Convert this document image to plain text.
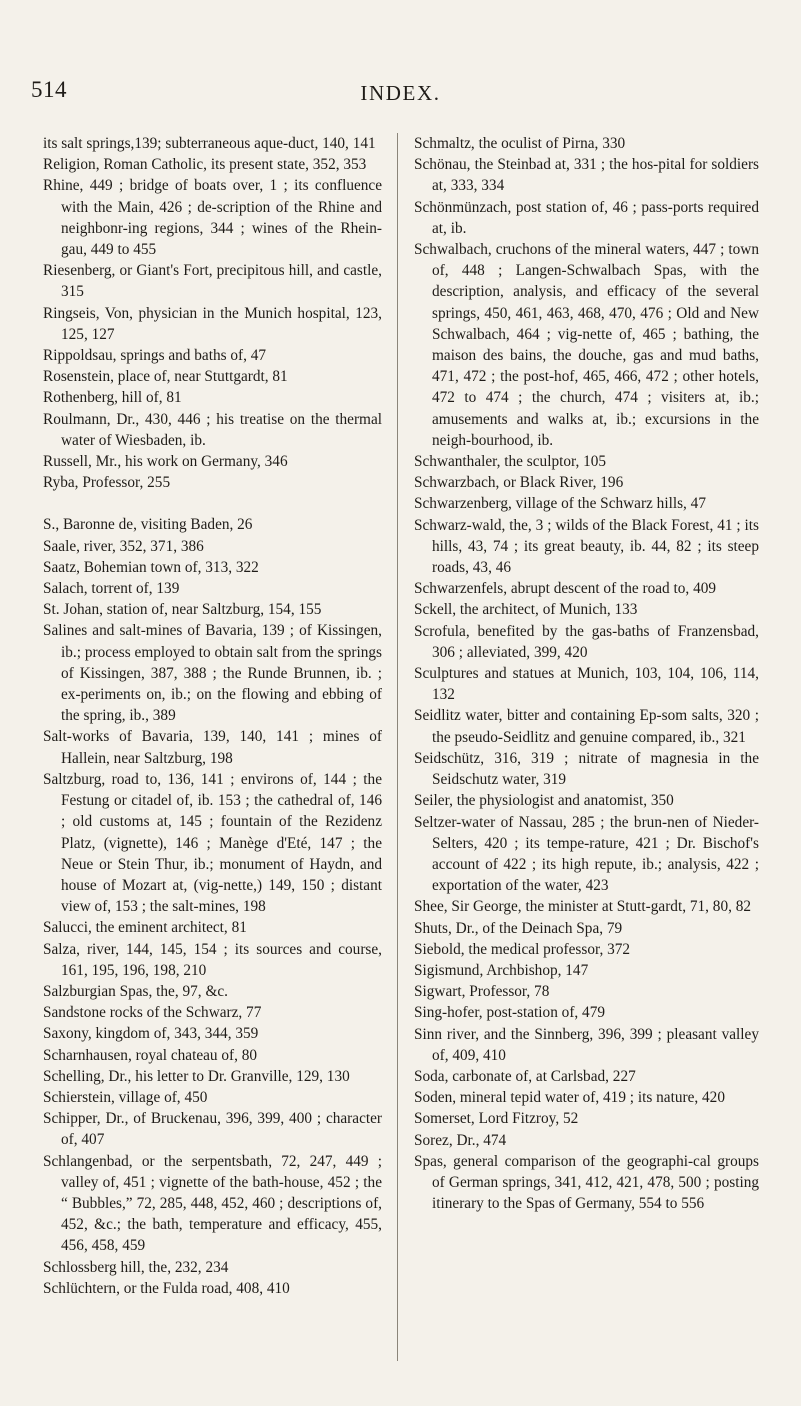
514	INDEX.

its salt springs,139; subterraneous aque-duct, 140, 141

Religion, Roman Catholic, its present state, 352, 353

Rhine, 449 ; bridge of boats over, 1 ; its confluence with the Main, 426 ; de-scription of the Rhine and neighbonr-ing regions, 344 ; wines of the Rhein-gau, 449 to 455

Riesenberg, or Giant's Fort, precipitous hill, and castle, 315

Ringseis, Von, physician in the Munich hospital, 123, 125, 127

Rippoldsau, springs and baths of, 47

Rosenstein, place of, near Stuttgardt, 81

Rothenberg, hill of, 81

Roulmann, Dr., 430, 446 ; his treatise on the thermal water of Wiesbaden, ib.

Russell, Mr., his work on Germany, 346

Ryba, Professor, 255

S., Baronne de, visiting Baden, 26

Saale, river, 352, 371, 386

Saatz, Bohemian town of, 313, 322

Salach, torrent of, 139

St. Johan, station of, near Saltzburg, 154, 155

Salines and salt-mines of Bavaria, 139 ; of Kissingen, ib.; process employed to obtain salt from the springs of Kissingen, 387, 388 ; the Runde Brunnen, ib. ; ex-periments on, ib.; on the flowing and ebbing of the spring, ib., 389

Salt-works of Bavaria, 139, 140, 141 ; mines of Hallein, near Saltzburg, 198

Saltzburg, road to, 136, 141 ; environs of, 144 ; the Festung or citadel of, ib. 153 ; the cathedral of, 146 ; old customs at, 145 ; fountain of the Rezidenz Platz, (vignette), 146 ; Manège d'Eté, 147 ; the Neue or Stein Thur, ib.; monument of Haydn, and house of Mozart at, (vig-nette,) 149, 150 ; distant view of, 153 ; the salt-mines, 198

Salucci, the eminent architect, 81

Salza, river, 144, 145, 154 ; its sources and course, 161, 195, 196, 198, 210

Salzburgian Spas, the, 97, &c.

Sandstone rocks of the Schwarz, 77

Saxony, kingdom of, 343, 344, 359

Scharnhausen, royal chateau of, 80

Schelling, Dr., his letter to Dr. Granville, 129, 130

Schierstein, village of, 450

Schipper, Dr., of Bruckenau, 396, 399, 400 ; character of, 407

Schlangenbad, or the serpentsbath, 72, 247, 449 ; valley of, 451 ; vignette of the bath-house, 452 ; the “ Bubbles,” 72, 285, 448, 452, 460 ; descriptions of, 452, &c.; the bath, temperature and efficacy, 455, 456, 458, 459

Schlossberg hill, the, 232, 234

Schlüchtern, or the Fulda road, 408, 410

Schmaltz, the oculist of Pirna, 330

Schönau, the Steinbad at, 331 ; the hos-pital for soldiers at, 333, 334

Schönmünzach, post station of, 46 ; pass-ports required at, ib.

Schwalbach, cruchons of the mineral waters, 447 ; town of, 448 ; Langen-Schwalbach Spas, with the description, analysis, and efficacy of the several springs, 450, 461, 463, 468, 470, 476 ; Old and New Schwalbach, 464 ; vig-nette of, 465 ; bathing, the maison des bains, the douche, gas and mud baths, 471, 472 ; the post-hof, 465, 466, 472 ; other hotels, 472 to 474 ; the church, 474 ; visiters at, ib.; amusements and walks at, ib.; excursions in the neigh-bourhood, ib.

Schwanthaler, the sculptor, 105

Schwarzbach, or Black River, 196

Schwarzenberg, village of the Schwarz hills, 47

Schwarz-wald, the, 3 ; wilds of the Black Forest, 41 ; its hills, 43, 74 ; its great beauty, ib. 44, 82 ; its steep roads, 43, 46

Schwarzenfels, abrupt descent of the road to, 409

Sckell, the architect, of Munich, 133

Scrofula, benefited by the gas-baths of Franzensbad, 306 ; alleviated, 399, 420

Sculptures and statues at Munich, 103, 104, 106, 114, 132

Seidlitz water, bitter and containing Ep-som salts, 320 ; the pseudo-Seidlitz and genuine compared, ib., 321

Seidschütz, 316, 319 ; nitrate of magnesia in the Seidschutz water, 319

Seiler, the physiologist and anatomist, 350

Seltzer-water of Nassau, 285 ; the brun-nen of Nieder-Selters, 420 ; its tempe-rature, 421 ; Dr. Bischof's account of 422 ; its high repute, ib.; analysis, 422 ; exportation of the water, 423

Shee, Sir George, the minister at Stutt-gardt, 71, 80, 82

Shuts, Dr., of the Deinach Spa, 79

Siebold, the medical professor, 372

Sigismund, Archbishop, 147

Sigwart, Professor, 78

Sing-hofer, post-station of, 479

Sinn river, and the Sinnberg, 396, 399 ; pleasant valley of, 409, 410

Soda, carbonate of, at Carlsbad, 227

Soden, mineral tepid water of, 419 ; its nature, 420

Somerset, Lord Fitzroy, 52

Sorez, Dr., 474

Spas, general comparison of the geographi-cal groups of German springs, 341, 412, 421, 478, 500 ; posting itinerary to the Spas of Germany, 554 to 556
